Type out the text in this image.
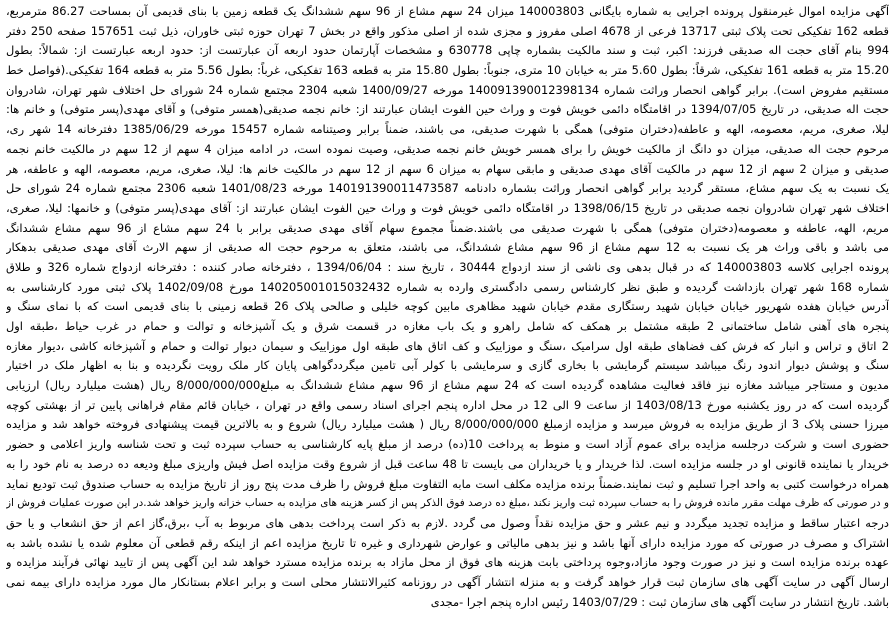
آگهی مزایده اموال غیرمنقول پرونده اجرایی به شماره بایگانی 140003803 میزان 24 سهم مشاع از 96 سهم ششدانگ یک قطعه زمین با بنای قدیمی آن بمساحت 86.27 مترمربع،
قطعه 162 تفکیکی تحت پلاک ثبتی 13717 فرعی از 4678 اصلی مفروز و مجزی شده از اصلی مذکور واقع در بخش 7 تهران حوزه ثبتی خاوران، ذیل ثبت 157651 صفحه 250 دفتر
994 بنام آقای حجت اله صدیقی فرزند: اکبر، ثبت و سند مالکیت بشماره چاپی 630778 و مشخصات آپارتمان حدود اربعه آن عبارتست از: حدود اربعه عبارتست از: شمالاً: بطول
15.20 متر به قطعه 161 تفکیکی، شرقاً: بطول 5.60 متر به خیابان 10 متری، جنوباً: بطول 15.80 متر به قطعه 163 تفکیکی، غرباً: بطول 5.56 متر به قطعه 164 تفکیکی.(فواصل خط
مستقیم مفروض است). برابر گواهی انحصار وراثت شماره 140091390012398134 مورخه 1400/09/27 شعبه 2304 مجتمع شماره 24 شورای حل اختلاف شهر تهران، شادروان
حجت اله صدیقی، در تاریخ 1394/07/05 در اقامتگاه دائمی خویش فوت و وراث حین الفوت ایشان عبارتند از: خانم نجمه صدیقی(همسر متوفی) و آقای مهدی(پسر متوفی) و خانم ها:
لیلا، صغری، مریم، معصومه، الهه و عاطفه(دختران متوفی) همگی با شهرت صدیقی، می باشند، ضمناً برابر وصیتنامه شماره 15457 مورخه 1385/06/29 دفترخانه 14 شهر ری،
مرحوم حجت اله صدیقی، میزان دو دانگ از مالکیت خویش را برای همسر خویش خانم نجمه صدیقی، وصیت نموده است، در ادامه میزان 4 سهم از 12 سهم در مالکیت خانم نجمه
صدیقی و میزان 2 سهم از 12 سهم در مالکیت آقای مهدی صدیقی و مابقی سهام به میزان 6 سهم از 12 سهم در مالکیت خانم ها: لیلا، صغری، مریم، معصومه، الهه و عاطفه، هر
یک نسبت به یک سهم مشاع، مستقر گردید برابر گواهی انحصار وراثت بشماره دادنامه 140191390011473587 مورخه 1401/08/23 شعبه 2306 مجتمع شماره 24 شورای حل
اختلاف شهر تهران شادروان نجمه صدیقی در تاریخ 1398/06/15 در اقامتگاه دائمی خویش فوت و وراث حین الفوت ایشان عبارتند از: آقای مهدی(پسر متوفی) و خانمها: لیلا، صغری،
مریم، الهه، عاطفه و معصومه(دختران متوفی) همگی با شهرت صدیقی می باشند.ضمناً مجموع سهام آقای مهدی صدیقی برابر با 24 سهم مشاع از 96 سهم مشاع ششدانگ
می باشد و باقی وراث هر یک نسبت به 12 سهم مشاع از 96 سهم مشاع ششدانگ، می باشند، متعلق به مرحوم حجت اله صدیقی از سهم الارث آقای مهدی صدیقی بدهکار
پرونده اجرایی کلاسه 140003803 که در قبال بدهی وی ناشی از سند ازدواج 30444 ، تاریخ سند : 1394/06/04 ، دفترخانه صادر کننده : دفترخانه ازدواج شماره 326 و طلاق
شماره 168 شهر تهران بازداشت گردیده و طبق نظر کارشناس رسمی دادگستری وارده به شماره 140205001015032432 مورخ 1402/09/08 پلاک ثبتی مورد کارشناسی به
آدرس خیابان هفده شهریور خیابان خیابان شهید رستگاری مقدم خیابان شهید مظاهری مابین کوچه خلیلی و صالحی پلاک 26 قطعه زمینی با بنای قدیمی است که با نمای سنگ و
پنجره های آهنی شامل ساختمانی 2 طبقه مشتمل بر همکف که شامل راهرو و یک باب مغازه در قسمت شرق و یک آشپزخانه و توالت و حمام در غرب حیاط ،طبقه اول
2 اتاق و تراس و انبار که فرش کف فضاهای طبقه اول سرامیک ،سنگ و موزاییک و کف اتاق های طبقه اول موزاییک و سیمان دیوار توالت و حمام و آشپزخانه کاشی ،دیوار مغازه
سنگ و پوشش دیوار اندود رنگ میباشد سیستم گرمایشی با بخاری گازی و سرمایشی با کولر آبی تامین میگرددگواهی پایان کار ملک رویت نگردیده و بنا به اظهار ملک در اختیار
مدیون و مستاجر میباشد مغازه نیز فاقد فعالیت مشاهده گردیده است که 24 سهم مشاع از 96 سهم مشاع ششدانگ به مبلغ8/000/000/000 ریال (هشت میلیارد ریال) ارزیابی
گردیده است که در روز یکشنبه مورخ 1403/08/13 از ساعت 9 الی 12 در محل اداره پنجم اجرای اسناد رسمی واقع در تهران ، خیابان قائم مقام فراهانی پایین تر از بهشتی کوچه
میرزا حسنی پلاک 3 از طریق مزایده به فروش میرسد و مزایده ازمبلغ 8/000/000/000 ریال ( هشت میلیارد ریال) شروع و به بالاترین قیمت پیشنهادی فروخته خواهد شد و مزایده
حضوری است و شرکت درجلسه مزایده برای عموم آزاد است و منوط به پرداخت 10(ده) درصد از مبلغ پایه کارشناسی به حساب سپرده ثبت و تحت شناسه واریز اعلامی و حضور
خریدار یا نماینده قانونی او در جلسه مزایده است. لذا خریدار و یا خریداران می بایست تا 48 ساعت قبل از شروع وقت مزایده اصل فیش واریزی مبلغ ودیعه ده درصد به نام خود را به
همراه درخواست کتبی به واحد اجرا تسلیم و ثبت نمایند.ضمناً برنده مزایده مکلف است مابه التفاوت مبلغ فروش را ظرف مدت پنج روز از تاریخ مزایده به حساب صندوق ثبت تودیع نماید
و در صورتی که ظرف مهلت مقرر مانده فروش را به حساب سپرده ثبت واریز نکند ،مبلغ ده درصد فوق الذکر پس از کسر هزینه های مزایده به حساب خزانه واریز خواهد شد.در این صورت عملیات فروش از
درجه اعتبار ساقط و مزایده تجدید میگردد و نیم عشر و حق مزایده نقداً وصول می گردد .لازم به ذکر است پرداخت بدهی های مربوط به آب ،برق،گاز اعم از حق انشعاب و یا حق
اشتراک و مصرف در صورتی که مورد مزایده دارای آنها باشد و نیز بدهی مالیاتی و عوارض شهرداری و غیره تا تاریخ مزایده اعم از اینکه رقم قطعی آن معلوم شده یا نشده باشد به
عهده برنده مزایده است و نیز در صورت وجود مازاد،وجوه پرداختی بابت هزینه های فوق از محل مازاد به برنده مزایده مسترد خواهد شد این آگهی پس از تایید نهائی فرآیند مزایده و
ارسال آگهی در سایت آگهی های سازمان ثبت قرار خواهد گرفت و به منزله انتشار آگهی در روزنامه کثیرالانتشار محلی است و برابر اعلام بستانکار مال مورد مزایده دارای بیمه نمی
باشد. تاریخ انتشار در سایت آگهی های سازمان ثبت : 1403/07/29 رئیس اداره پنجم اجرا -مجدی
